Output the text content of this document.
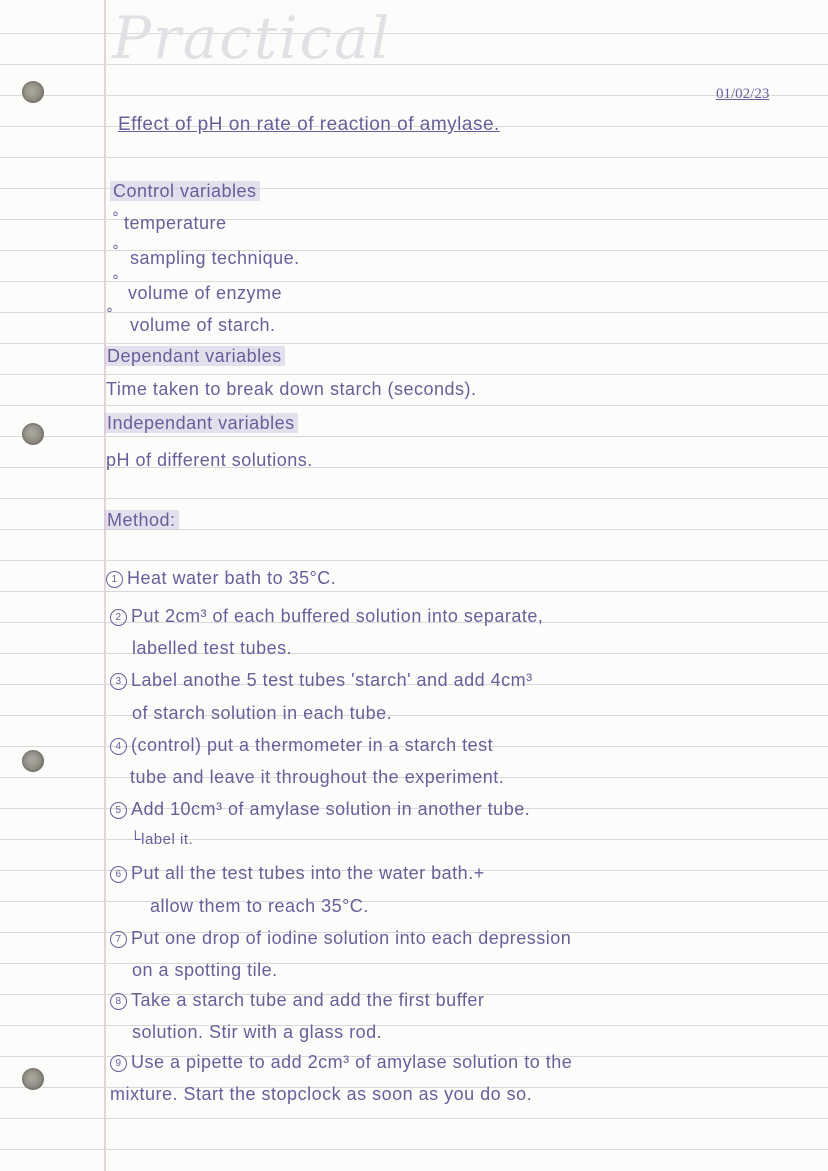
Practical
01/02/23
Effect of pH on rate of reaction of amylase.
Control variables
° temperature
° sampling technique.
°
volume of enzyme
°
volume of starch.
Dependant variables
Time taken to break down starch (seconds).
Independant variables
pH of different solutions.
Method:
1 Heat water bath to 35°C.
2 Put 2cm³ of each buffered solution into separate,
labelled test tubes.
3 Label anothe 5 test tubes 'starch' and add 4cm³
of starch solution in each tube.
4 (control) put a thermometer in a starch test
tube and leave it throughout the experiment.
5 Add 10cm³ of amylase solution in another tube.
└label it.
6 Put all the test tubes into the water bath.+
allow them to reach 35°C.
7 Put one drop of iodine solution into each depression
on a spotting tile.
8 Take a starch tube and add the first buffer
solution. Stir with a glass rod.
9 Use a pipette to add 2cm³ of amylase solution to the
mixture. Start the stopclock as soon as you do so.
